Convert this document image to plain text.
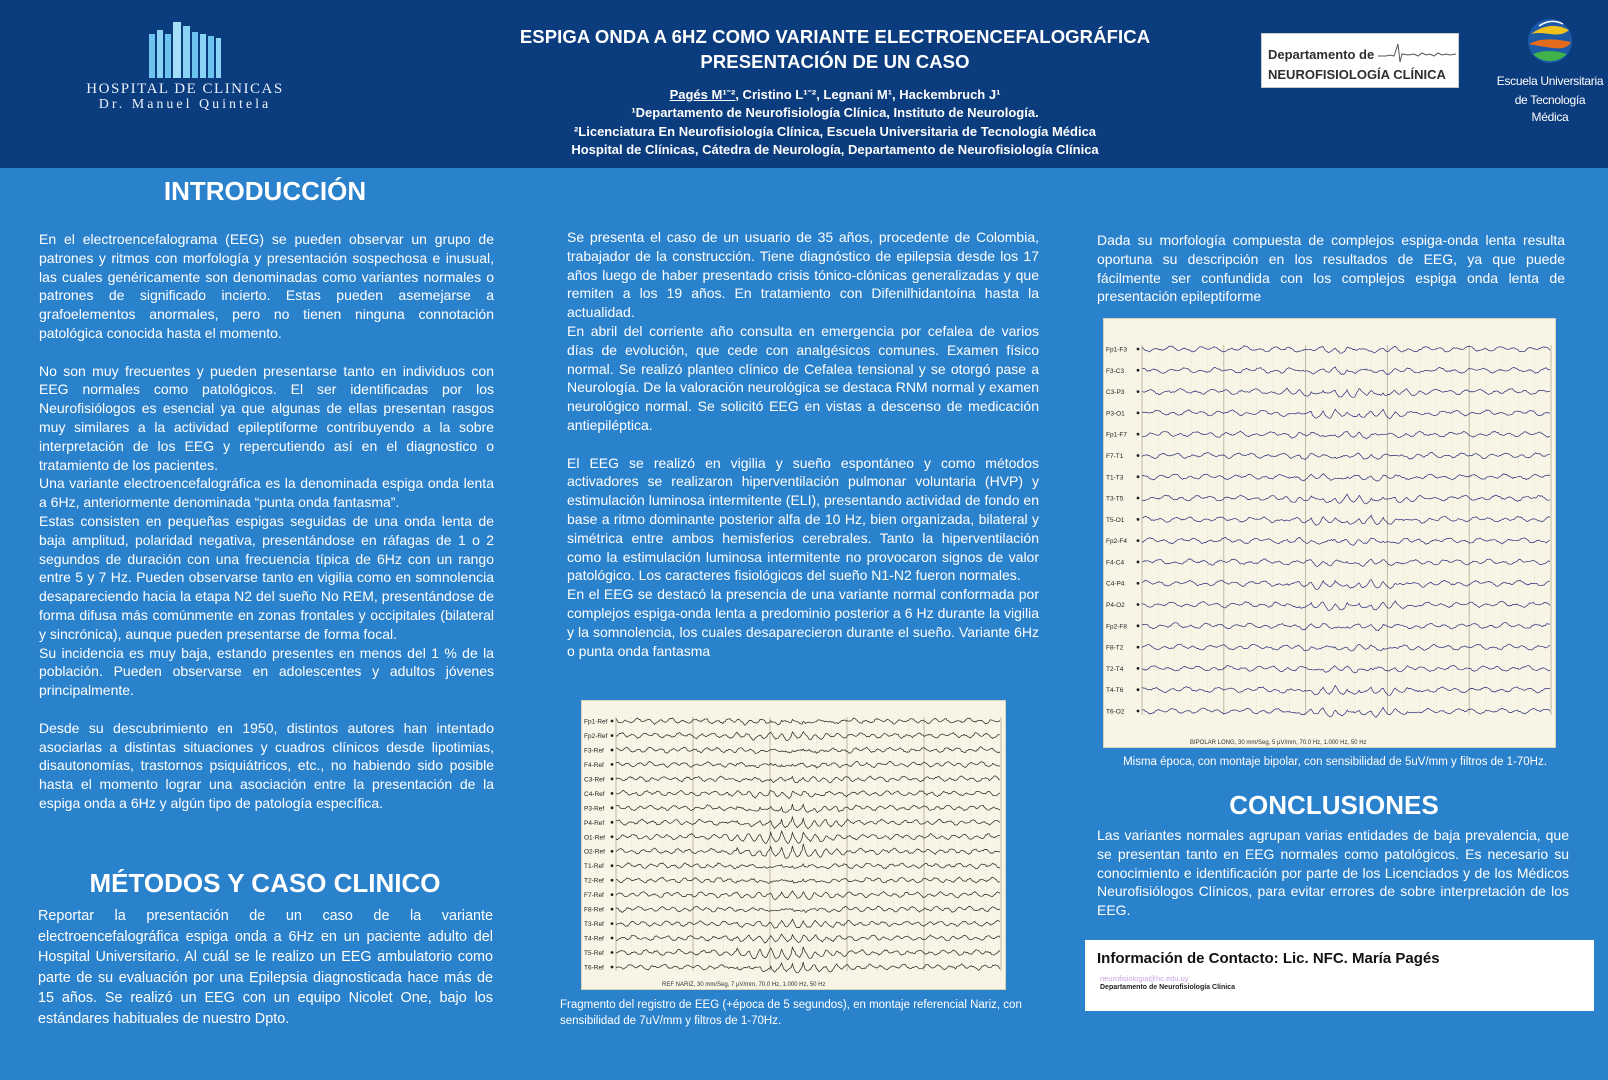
HOSPITAL DE CLINICAS
Dr. Manuel Quintela
ESPIGA ONDA A 6HZ COMO VARIANTE ELECTROENCEFALOGRÁFICA
PRESENTACIÓN DE UN CASO
Pagés M¹ˉ², Cristino L¹ˉ², Legnani M¹, Hackembruch J¹
¹Departamento de Neurofisiología Clínica, Instituto de Neurología.
²Licenciatura En Neurofisiología Clínica, Escuela Universitaria de Tecnología Médica
Hospital de Clínicas, Cátedra de Neurología, Departamento de Neurofisiología Clínica
Departamento de
NEUROFISIOLOGÍA CLÍNICA	Escuela Universitaria
de Tecnología Médica
INTRODUCCIÓN

En el electroencefalograma (EEG) se pueden observar un grupo de patrones y ritmos con morfología y presentación sospechosa e inusual, las cuales genéricamente son denominadas como variantes normales o patrones de significado incierto. Estas pueden asemejarse a grafoelementos anormales, pero no tienen ninguna connotación patológica conocida hasta el momento.

No son muy frecuentes y pueden presentarse tanto en individuos con EEG normales como patológicos. El ser identificadas por los Neurofisiólogos es esencial ya que algunas de ellas presentan rasgos muy similares a la actividad epileptiforme contribuyendo a la sobre interpretación de los EEG y repercutiendo así en el diagnostico o tratamiento de los pacientes.

Una variante electroencefalográfica es la denominada espiga onda lenta a 6Hz, anteriormente denominada “punta onda fantasma”.

Estas consisten en pequeñas espigas seguidas de una onda lenta de baja amplitud, polaridad negativa, presentándose en ráfagas de 1 o 2 segundos de duración con una frecuencia típica de 6Hz con un rango entre 5 y 7 Hz. Pueden observarse tanto en vigilia como en somnolencia desapareciendo hacia la etapa N2 del sueño No REM, presentándose de forma difusa más comúnmente en zonas frontales y occipitales (bilateral y sincrónica), aunque pueden presentarse de forma focal.

Su incidencia es muy baja, estando presentes en menos del 1 % de la población. Pueden observarse en adolescentes y adultos jóvenes principalmente.

Desde su descubrimiento en 1950, distintos autores han intentado asociarlas a distintas situaciones y cuadros clínicos desde lipotimias, disautonomías, trastornos psiquiátricos, etc., no habiendo sido posible hasta el momento lograr una asociación entre la presentación de la espiga onda a 6Hz y algún tipo de patología específica.

MÉTODOS Y CASO CLINICO

Reportar la presentación de un caso de la variante electroencefalográfica espiga onda a 6Hz en un paciente adulto del Hospital Universitario. Al cuál se le realizo un EEG ambulatorio como parte de su evaluación por una Epilepsia diagnosticada hace más de 15 años. Se realizó un EEG con un equipo Nicolet One, bajo los estándares habituales de nuestro Dpto.

Se presenta el caso de un usuario de 35 años, procedente de Colombia, trabajador de la construcción. Tiene diagnóstico de epilepsia desde los 17 años luego de haber presentado crisis tónico-clónicas generalizadas y que remiten a los 19 años. En tratamiento con Difenilhidantoína hasta la actualidad.

En abril del corriente año consulta en emergencia por cefalea de varios días de evolución, que cede con analgésicos comunes. Examen físico normal. Se realizó planteo clínico de Cefalea tensional y se otorgó pase a Neurología. De la valoración neurológica se destaca RNM normal y examen neurológico normal. Se solicitó EEG en vistas a descenso de medicación antiepiléptica.

El EEG se realizó en vigilia y sueño espontáneo y como métodos activadores se realizaron hiperventilación pulmonar voluntaria (HVP) y estimulación luminosa intermitente (ELI), presentando actividad de fondo en base a ritmo dominante posterior alfa de 10 Hz, bien organizada, bilateral y simétrica entre ambos hemisferios cerebrales. Tanto la hiperventilación como la estimulación luminosa intermitente no provocaron signos de valor patológico. Los caracteres fisiológicos del sueño N1-N2 fueron normales.

En el EEG se destacó la presencia de una variante normal conformada por complejos espiga-onda lenta a predominio posterior a 6 Hz durante la vigilia y la somnolencia, los cuales desaparecieron durante el sueño. Variante 6Hz o punta onda fantasma

Fp1-Ref
Fp2-Ref
F3-Ref
F4-Ref
C3-Ref
C4-Ref
P3-Ref
P4-Ref
O1-Ref
O2-Ref
T1-Ref
T2-Ref
F7-Ref
F8-Ref
T3-Ref
T4-Ref
T5-Ref
T6-Ref
REF NARIZ, 30 mm/Seg, 7 µV/mm, 70.0 Hz, 1.000 Hz, 50 Hz
Fragmento del registro de EEG (+época de 5 segundos), en montaje referencial Nariz, con sensibilidad de 7uV/mm y filtros de 1-70Hz.

Dada su morfología compuesta de complejos espiga-onda lenta resulta oportuna su descripción en los resultados de EEG, ya que puede fácilmente ser confundida con los complejos espiga onda lenta de presentación epileptiforme

Fp1-F3
F3-C3
C3-P3
P3-O1
Fp1-F7
F7-T1
T1-T3
T3-T5
T5-O1
Fp2-F4
F4-C4
C4-P4
P4-O2
Fp2-F8
F8-T2
T2-T4
T4-T6
T6-O2
BIPOLAR LONG, 30 mm/Seg, 5 µV/mm, 70.0 Hz, 1.000 Hz, 50 Hz
Misma época, con montaje bipolar, con sensibilidad de 5uV/mm y filtros de 1-70Hz.
CONCLUSIONES

Las variantes normales agrupan varias entidades de baja prevalencia, que se presentan tanto en EEG normales como patológicos. Es necesario su conocimiento e identificación por parte de los Licenciados y de los Médicos Neurofisiólogos Clínicos, para evitar errores de sobre interpretación de los EEG.

Información de Contacto: Lic. NFC. María Pagés
neurofisiologia@hc.edu.uy
Departamento de Neurofisiología Clínica
